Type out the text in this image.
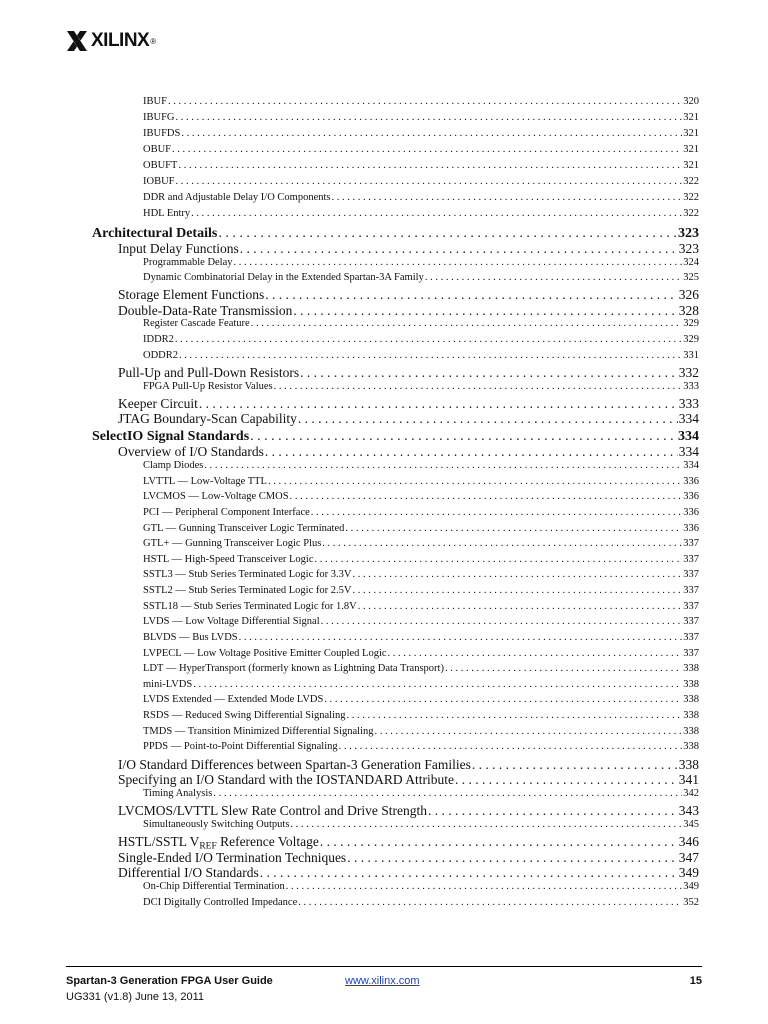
XILINX ®
IBUF . . .	320
IBUFG . . .	321
IBUFDS . . .	321
OBUF . . .	321
OBUFT . . .	321
IOBUF . . .	322
DDR and Adjustable Delay I/O Components . . .	322
HDL Entry . . .	322
Architectural Details . . .	323
Input Delay Functions . . .	323
Programmable Delay . . .	324
Dynamic Combinatorial Delay in the Extended Spartan-3A Family . . .	325
Storage Element Functions . . .	326
Double-Data-Rate Transmission . . .	328
Register Cascade Feature . . .	329
IDDR2 . . .	329
ODDR2 . . .	331
Pull-Up and Pull-Down Resistors . . .	332
FPGA Pull-Up Resistor Values . . .	333
Keeper Circuit . . .	333
JTAG Boundary-Scan Capability . . .	334
SelectIO Signal Standards . . .	334
Overview of I/O Standards . . .	334
Clamp Diodes . . .	334
LVTTL — Low-Voltage TTL . . .	336
LVCMOS — Low-Voltage CMOS . . .	336
PCI — Peripheral Component Interface . . .	336
GTL — Gunning Transceiver Logic Terminated . . .	336
GTL+ — Gunning Transceiver Logic Plus . . .	337
HSTL — High-Speed Transceiver Logic . . .	337
SSTL3 — Stub Series Terminated Logic for 3.3V . . .	337
SSTL2 — Stub Series Terminated Logic for 2.5V . . .	337
SSTL18 — Stub Series Terminated Logic for 1.8V . . .	337
LVDS — Low Voltage Differential Signal . . .	337
BLVDS — Bus LVDS . . .	337
LVPECL — Low Voltage Positive Emitter Coupled Logic . . .	337
LDT — HyperTransport (formerly known as Lightning Data Transport) . . .	338
mini-LVDS . . .	338
LVDS Extended — Extended Mode LVDS . . .	338
RSDS — Reduced Swing Differential Signaling . . .	338
TMDS — Transition Minimized Differential Signaling . . .	338
PPDS — Point-to-Point Differential Signaling . . .	338
I/O Standard Differences between Spartan-3 Generation Families . . .	338
Specifying an I/O Standard with the IOSTANDARD Attribute . . .	341
Timing Analysis . . .	342
LVCMOS/LVTTL Slew Rate Control and Drive Strength . . .	343
Simultaneously Switching Outputs . . .	345
HSTL/SSTL $V_{REF}$ Reference Voltage . . .	346
Single-Ended I/O Termination Techniques . . .	347
Differential I/O Standards . . .	349
On-Chip Differential Termination . . .	349
DCI Digitally Controlled Impedance . . .	352
Spartan-3 Generation FPGA User Guide	www.xilinx.com	15
UG331 (v1.8) June 13, 2011
